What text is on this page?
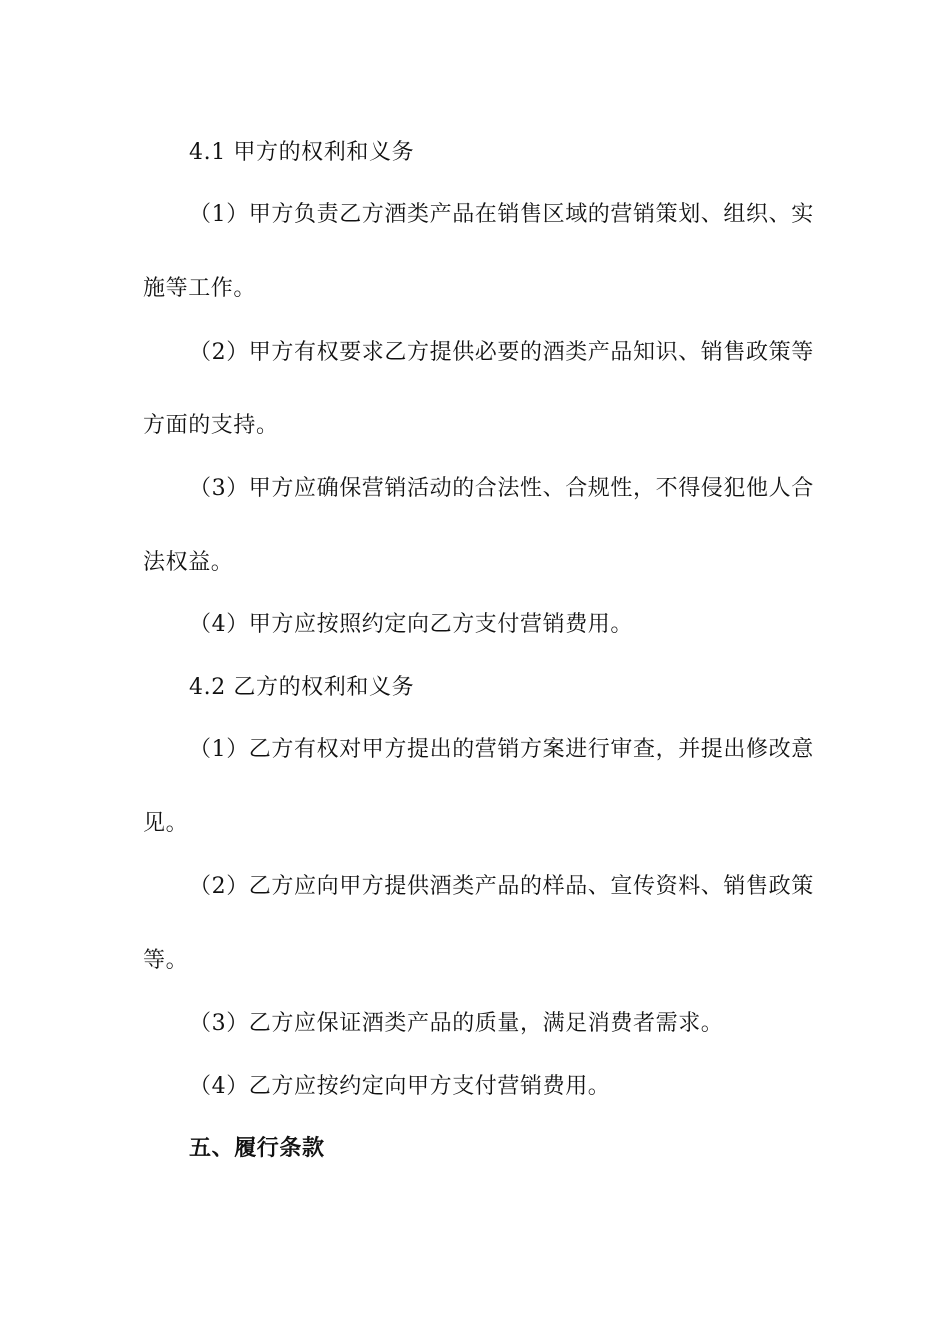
4.1 甲方的权利和义务
（1）甲方负责乙方酒类产品在销售区域的营销策划、组织、实
施等工作。
（2）甲方有权要求乙方提供必要的酒类产品知识、销售政策等
方面的支持。
（3）甲方应确保营销活动的合法性、合规性，不得侵犯他人合
法权益。
（4）甲方应按照约定向乙方支付营销费用。
4.2 乙方的权利和义务
（1）乙方有权对甲方提出的营销方案进行审查，并提出修改意
见。
（2）乙方应向甲方提供酒类产品的样品、宣传资料、销售政策
等。
（3）乙方应保证酒类产品的质量，满足消费者需求。
（4）乙方应按约定向甲方支付营销费用。
五、履行条款
